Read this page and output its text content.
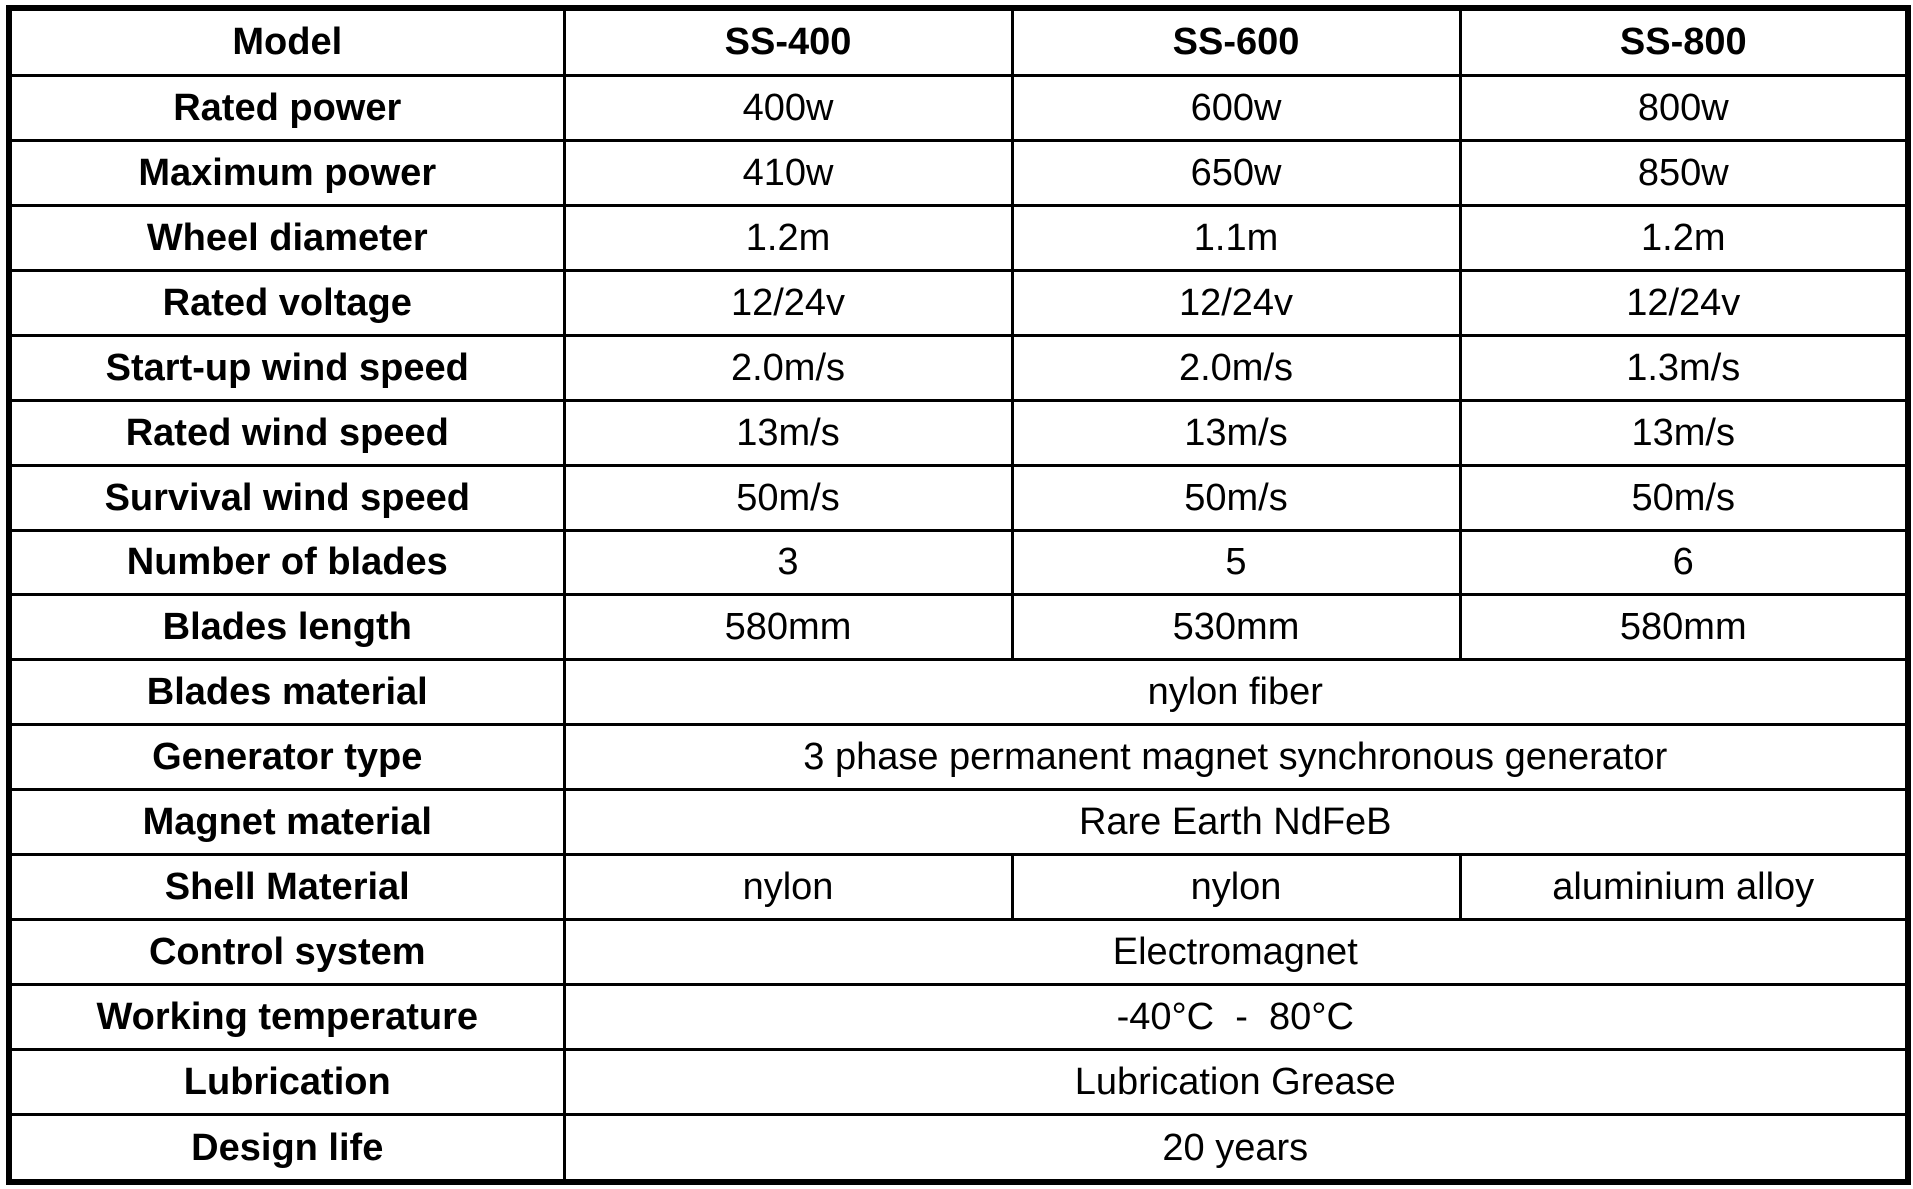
Model	SS-400	SS-600	SS-800
Rated power	400w	600w	800w
Maximum power	410w	650w	850w
Wheel diameter	1.2m	1.1m	1.2m
Rated voltage	12/24v	12/24v	12/24v
Start-up wind speed	2.0m/s	2.0m/s	1.3m/s
Rated wind speed	13m/s	13m/s	13m/s
Survival wind speed	50m/s	50m/s	50m/s
Number of blades	3	5	6
Blades length	580mm	530mm	580mm
Blades material	nylon fiber		
Generator type	3 phase permanent magnet synchronous generator		
Magnet material	Rare Earth NdFeB		
Shell Material	nylon	nylon	aluminium alloy
Control system	Electromagnet		
Working temperature	-40°C  -  80°C		
Lubrication	Lubrication Grease		
Design life	20 years		
